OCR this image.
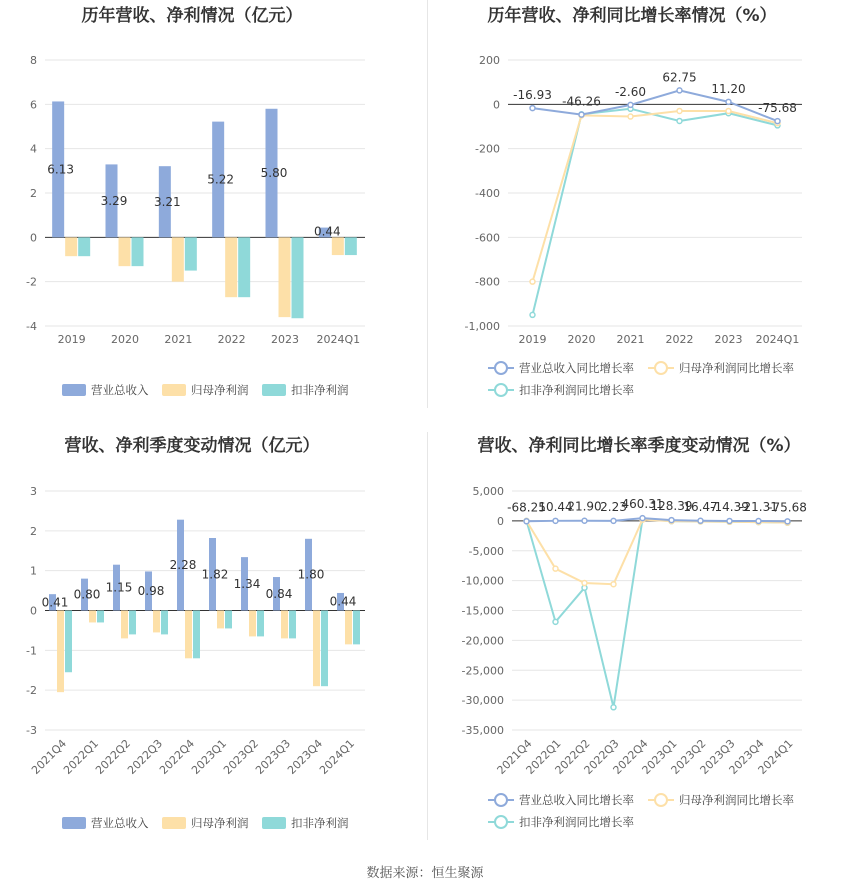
历年营收、净利情况（亿元）
-4
-2
0
2
4
6
8
2019 2020 2021 2022 2023 2024Q1
6.13
3.29 3.21
5.22 5.80
0.44
营业总收入	归母净利润	扣非净利润
历年营收、净利同比增长率情况（%）
-1,000
-800
-600
-400
-200
0
200
2019 2020 2021 2022 2023 2024Q1
-16.93 -46.26
-2.60
62.75
11.20
-75.68
营业总收入同比增长率	归母净利润同比增长率
扣非净利润同比增长率
营收、净利季度变动情况（亿元）
-3
-2
-1
0
1
2
3
2021Q4
2022Q1
2022Q2
2022Q3
2022Q4
2023Q1
2023Q2
2023Q3
2023Q4
2024Q1
0.41
0.80 1.15 0.98
2.28
1.82
1.34
0.84
1.80
0.44
营业总收入	归母净利润	扣非净利润
营收、净利同比增长率季度变动情况（%）
-35,000
-30,000
-25,000
-20,000
-15,000
-10,000
-5,000
0
5,000
2021Q4
2022Q1
2022Q2
2022Q3
2022Q4
2023Q1
2023Q2
2023Q3
2023Q4
2024Q1
-68.25
10.44
21.90
2.23
460.31
128.39
16.47
-14.39
-21.31
-75.68
营业总收入同比增长率	归母净利润同比增长率
扣非净利润同比增长率
数据来源：恒生聚源
